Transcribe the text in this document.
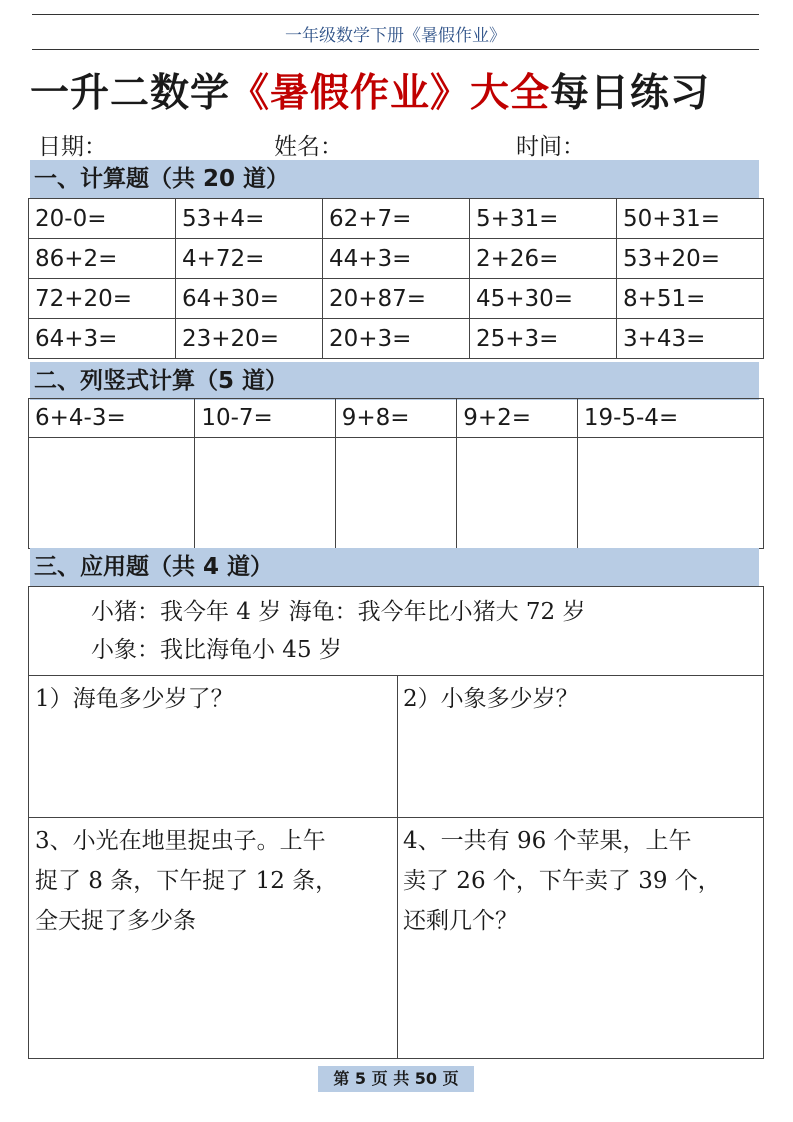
一年级数学下册《暑假作业》
一升二数学《暑假作业》大全每日练习
日期：	姓名：	时间：
一、计算题（共 20 道）
20-0=	53+4=	62+7=	5+31=	50+31=
86+2=	4+72=	44+3=	2+26=	53+20=
72+20=	64+30=	20+87=	45+30=	8+51=
64+3=	23+20=	20+3=	25+3=	3+43=
二、列竖式计算（5 道）
6+4-3=	10-7=	9+8=	9+2=	19-5-4=

三、应用题（共 4 道）
小猪：我今年 4 岁 海龟：我今年比小猪大 72 岁
小象：我比海龟小 45 岁
1）海龟多少岁了？	2）小象多少岁？
3、小光在地里捉虫子。上午
捉了 8 条，下午捉了 12 条，
全天捉了多少条
4、一共有 96 个苹果，上午
卖了 26 个，下午卖了 39 个，
还剩几个？
第 5 页 共 50 页
